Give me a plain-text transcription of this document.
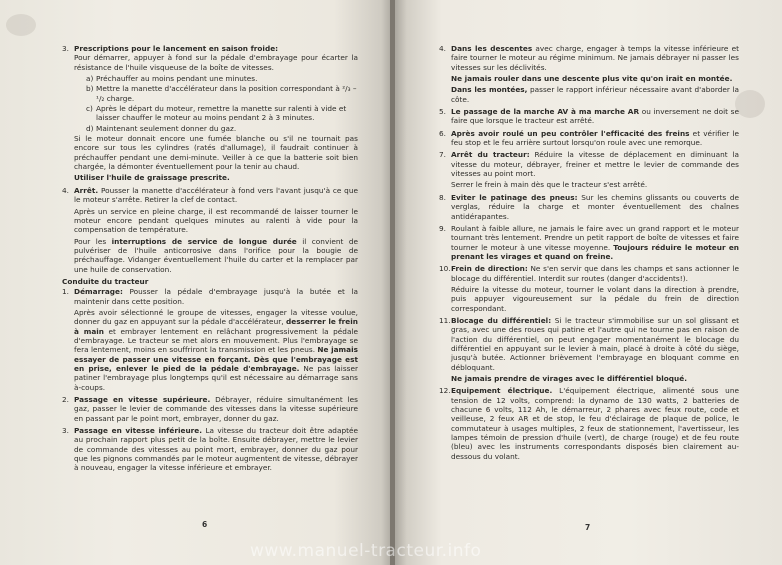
3. Prescriptions pour le lancement en saison froide:
Pour démarrer, appuyer à fond sur la pédale d'embrayage pour écarter la résistance de l'huile visqueuse de la boîte de vitesses.

a) Préchauffer au moins pendant une minutes.
b) Mettre la manette d'accélérateur dans la position correspondant à ²/₃ – ¹/₂ charge.
c) Après le départ du moteur, remettre la manette sur ralenti à vide et laisser chauffer le moteur au moins pendant 2 à 3 minutes.
d) Maintenant seulement donner du gaz.

Si le moteur donnait encore une fumée blanche ou s'il ne tournait pas encore sur tous les cylindres (ratés d'allumage), il faudrait continuer à préchauffer pendant une demi-minute. Veiller à ce que la batterie soit bien chargée, la démonter éventuellement pour la tenir au chaud.

Utiliser l'huile de graissage prescrite.

4. Arrêt. Pousser la manette d'accélérateur à fond vers l'avant jusqu'à ce que le moteur s'arrête. Retirer la clef de contact.

Après un service en pleine charge, il est recommandé de laisser tourner le moteur encore pendant quelques minutes au ralenti à vide pour la compensation de température.

Pour les interruptions de service de longue durée il convient de pulvériser de l'huile anticorrosive dans l'orifice pour la bougie de préchauffage. Vidanger éventuellement l'huile du carter et la remplacer par une huile de conservation.

Conduite du tracteur
1. Démarrage: Pousser la pédale d'embrayage jusqu'à la butée et la maintenir dans cette position.

Après avoir sélectionné le groupe de vitesses, engager la vitesse voulue, donner du gaz en appuyant sur la pédale d'accélérateur, desserrer le frein à main et embrayer lentement en relâchant progressivement la pédale d'embrayage. Le tracteur se met alors en mouvement. Plus l'embrayage se fera lentement, moins en souffriront la transmission et les pneus. Ne jamais essayer de passer une vitesse en forçant. Dès que l'embrayage est en prise, enlever le pied de la pédale d'embrayage. Ne pas laisser patiner l'embrayage plus longtemps qu'il est nécessaire au démarrage sans à-coups.

2. Passage en vitesse supérieure. Débrayer, réduire simultanément les gaz, passer le levier de commande des vitesses dans la vitesse supérieure en passant par le point mort, embrayer, donner du gaz.

3. Passage en vitesse inférieure. La vitesse du tracteur doit être adaptée au prochain rapport plus petit de la boîte. Ensuite débrayer, mettre le levier de commande des vitesses au point mort, embrayer, donner du gaz pour que les pignons commandés par le moteur augmentent de vitesse, débrayer à nouveau, engager la vitesse inférieure et embrayer.

6
4. Dans les descentes avec charge, engager à temps la vitesse inférieure et faire tourner le moteur au régime minimum. Ne jamais débrayer ni passer les vitesses sur les déclivités.

Ne jamais rouler dans une descente plus vite qu'on irait en montée.

Dans les montées, passer le rapport inférieur nécessaire avant d'aborder la côte.

5. Le passage de la marche AV à ma marche AR ou inversement ne doit se faire que lorsque le tracteur est arrêté.

6. Après avoir roulé un peu contrôler l'efficacité des freins et vérifier le feu stop et le feu arrière surtout lorsqu'on roule avec une remorque.

7. Arrêt du tracteur: Réduire la vitesse de déplacement en diminuant la vitesse du moteur, débrayer, freiner et mettre le levier de commande des vitesses au point mort.

Serrer le frein à main dès que le tracteur s'est arrêté.

8. Eviter le patinage des pneus: Sur les chemins glissants ou couverts de verglas, réduire la charge et monter éventuellement des chaînes antidérapantes.

9. Roulant à faible allure, ne jamais le faire avec un grand rapport et le moteur tournant très lentement. Prendre un petit rapport de boîte de vitesses et faire tourner le moteur à une vitesse moyenne. Toujours réduire le moteur en prenant les virages et quand on freine.

10. Frein de direction: Ne s'en servir que dans les champs et sans actionner le blocage du différentiel. Interdit sur routes (danger d'accidents!).

Réduire la vitesse du moteur, tourner le volant dans la direction à prendre, puis appuyer vigoureusement sur la pédale du frein de direction correspondant.

11. Blocage du différentiel: Si le tracteur s'immobilise sur un sol glissant et gras, avec une des roues qui patine et l'autre qui ne tourne pas en raison de l'action du différentiel, on peut engager momentanément le blocage du différentiel en appuyant sur le levier à main, placé à droite à côté du siège, jusqu'à butée. Actionner brièvement l'embrayage en bloquant comme en débloquant.

Ne jamais prendre de virages avec le différentiel bloqué.

12. Equipement électrique. L'équipement électrique, alimenté sous une tension de 12 volts, comprend: la dynamo de 130 watts, 2 batteries de chacune 6 volts, 112 Ah, le démarreur, 2 phares avec feux route, code et veilleuse, 2 feux AR et de stop, le feu d'éclairage de plaque de police, le commutateur à usages multiples, 2 feux de stationnement, l'avertisseur, les lampes témoin de pression d'huile (vert), de charge (rouge) et de feu route (bleu) avec les instruments correspondants disposés bien clairement au-dessous du volant.

7
www.manuel-tracteur.info
